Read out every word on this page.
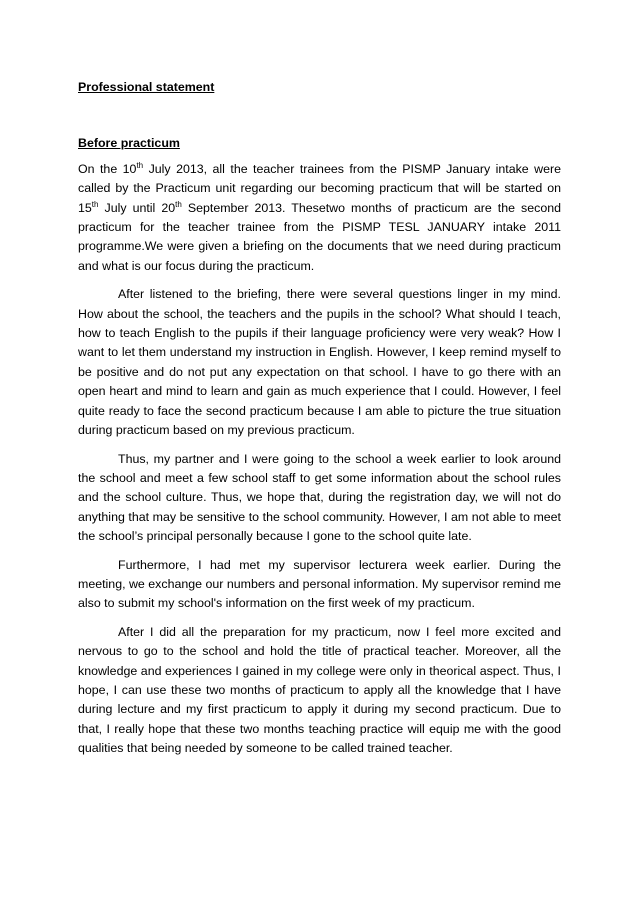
Professional statement
Before practicum

On the 10th July 2013, all the teacher trainees from the PISMP January intake were called by the Practicum unit regarding our becoming practicum that will be started on 15th July until 20th September 2013. Thesetwo months of practicum are the second practicum for the teacher trainee from the PISMP TESL JANUARY intake 2011 programme.We were given a briefing on the documents that we need during practicum and what is our focus during the practicum.

After listened to the briefing, there were several questions linger in my mind. How about the school, the teachers and the pupils in the school? What should I teach, how to teach English to the pupils if their language proficiency were very weak? How I want to let them understand my instruction in English. However, I keep remind myself to be positive and do not put any expectation on that school. I have to go there with an open heart and mind to learn and gain as much experience that I could. However, I feel quite ready to face the second practicum because I am able to picture the true situation during practicum based on my previous practicum.

Thus, my partner and I were going to the school a week earlier to look around the school and meet a few school staff to get some information about the school rules and the school culture. Thus, we hope that, during the registration day, we will not do anything that may be sensitive to the school community. However, I am not able to meet the school’s principal personally because I gone to the school quite late.

Furthermore, I had met my supervisor lecturera week earlier. During the meeting, we exchange our numbers and personal information. My supervisor remind me also to submit my school's information on the first week of my practicum.

After I did all the preparation for my practicum, now I feel more excited and nervous to go to the school and hold the title of practical teacher. Moreover, all the knowledge and experiences I gained in my college were only in theorical aspect. Thus, I hope, I can use these two months of practicum to apply all the knowledge that I have during lecture and my first practicum to apply it during my second practicum. Due to that, I really hope that these two months teaching practice will equip me with the good qualities that being needed by someone to be called trained teacher.
